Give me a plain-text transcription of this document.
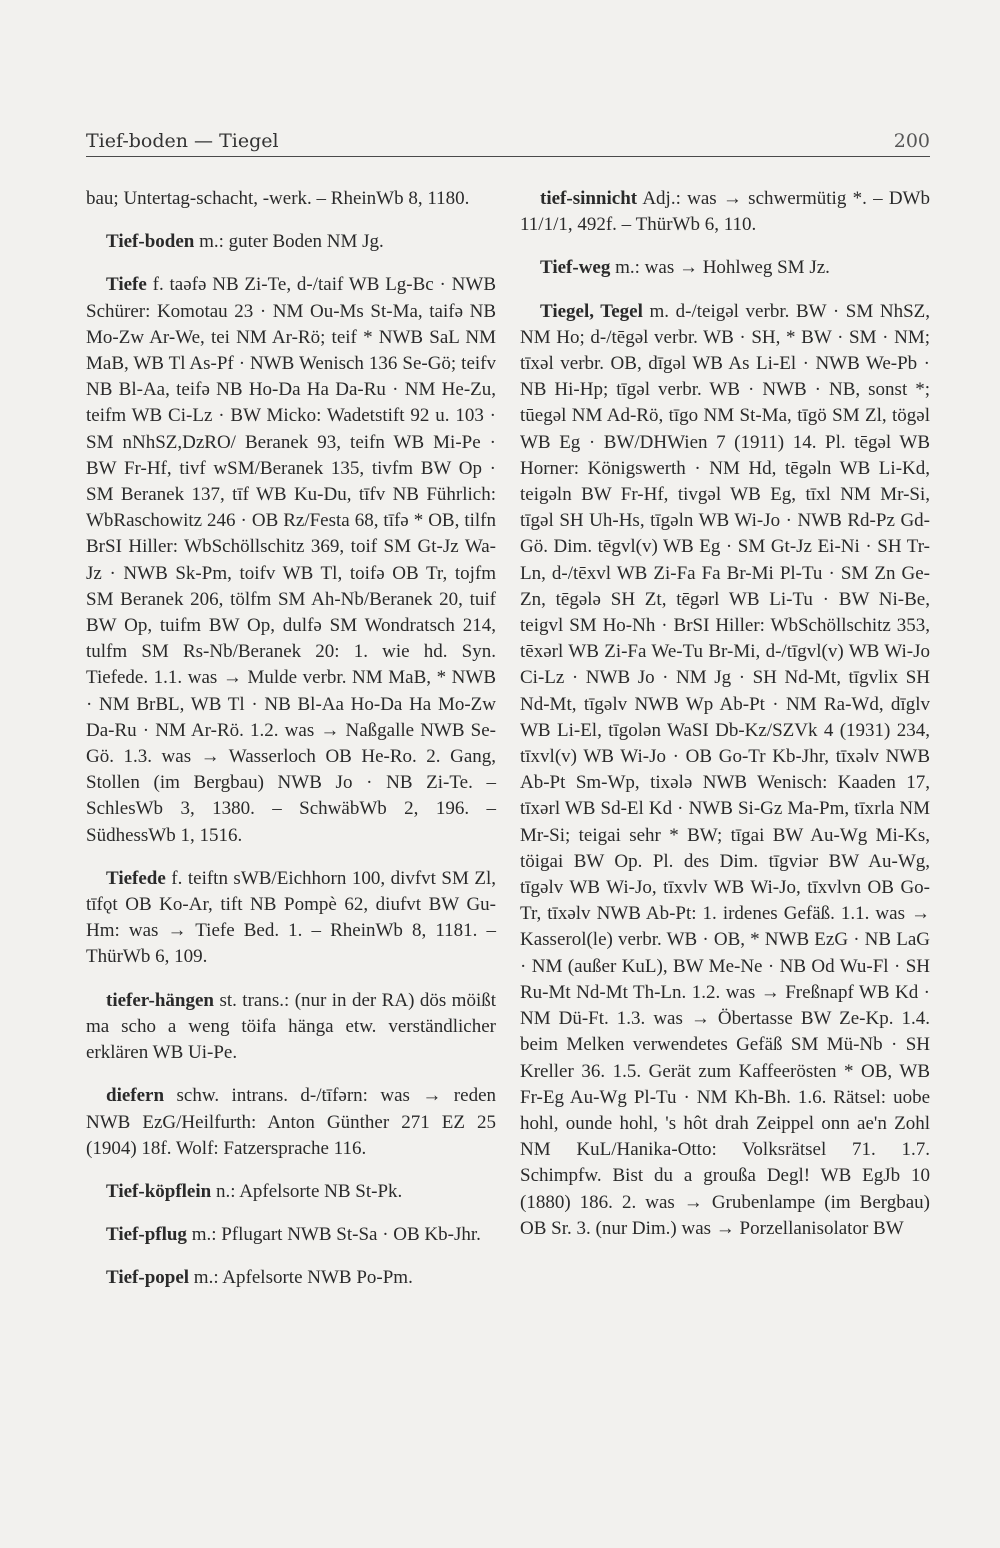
Tief-boden — Tiegel	200

bau; Untertag-schacht, -werk. – RheinWb 8, 1180.

Tief-boden m.: guter Boden NM Jg.

Tiefe f. taəfə NB Zi-Te, d-/taif WB Lg-Bc · NWB Schürer: Komotau 23 · NM Ou-Ms St-Ma, taifə NB Mo-Zw Ar-We, tei NM Ar-Rö; teif * NWB SaL NM MaB, WB Tl As-Pf · NWB Wenisch 136 Se-Gö; teifv NB Bl-Aa, teifə NB Ho-Da Ha Da-Ru · NM He-Zu, teifm WB Ci-Lz · BW Micko: Wadetstift 92 u. 103 · SM nNhSZ,DzRO/ Beranek 93, teifn WB Mi-Pe · BW Fr-Hf, tivf wSM/Beranek 135, tivfm BW Op · SM Beranek 137, tīf WB Ku-Du, tīfv NB Führlich: WbRaschowitz 246 · OB Rz/Festa 68, tīfə * OB, tilfn BrSI Hiller: WbSchöllschitz 369, toif SM Gt-Jz Wa-Jz · NWB Sk-Pm, toifv WB Tl, toifə OB Tr, tojfm SM Beranek 206, tölfm SM Ah-Nb/Beranek 20, tuif BW Op, tuifm BW Op, dulfə SM Wondratsch 214, tulfm SM Rs-Nb/Beranek 20: 1. wie hd. Syn. Tiefede. 1.1. was → Mulde verbr. NM MaB, * NWB · NM BrBL, WB Tl · NB Bl-Aa Ho-Da Ha Mo-Zw Da-Ru · NM Ar-Rö. 1.2. was → Naßgalle NWB Se-Gö. 1.3. was → Wasserloch OB He-Ro. 2. Gang, Stollen (im Bergbau) NWB Jo · NB Zi-Te. – SchlesWb 3, 1380. – SchwäbWb 2, 196. – SüdhessWb 1, 1516.

Tiefede f. teiftn sWB/Eichhorn 100, divfvt SM Zl, tīfǫt OB Ko-Ar, tift NB Pompè 62, diufvt BW Gu-Hm: was → Tiefe Bed. 1. – RheinWb 8, 1181. – ThürWb 6, 109.

tiefer-hängen st. trans.: (nur in der RA) dös möißt ma scho a weng töifa hänga etw. verständlicher erklären WB Ui-Pe.

diefern schw. intrans. d-/tīfərn: was → reden NWB EzG/Heilfurth: Anton Günther 271 EZ 25 (1904) 18f. Wolf: Fatzersprache 116.

Tief-köpflein n.: Apfelsorte NB St-Pk.

Tief-pflug m.: Pflugart NWB St-Sa · OB Kb-Jhr.

Tief-popel m.: Apfelsorte NWB Po-Pm.

tief-sinnicht Adj.: was → schwermütig *. – DWb 11/1/1, 492f. – ThürWb 6, 110.

Tief-weg m.: was → Hohlweg SM Jz.

Tiegel, Tegel m. d-/teigəl verbr. BW · SM NhSZ, NM Ho; d-/tēgəl verbr. WB · SH, * BW · SM · NM; tīxəl verbr. OB, dīgəl WB As Li-El · NWB We-Pb · NB Hi-Hp; tīgəl verbr. WB · NWB · NB, sonst *; tūegəl NM Ad-Rö, tīgo NM St-Ma, tīgö SM Zl, tögəl WB Eg · BW/DHWien 7 (1911) 14. Pl. tēgəl WB Horner: Königswerth · NM Hd, tēgəln WB Li-Kd, teigəln BW Fr-Hf, tivgəl WB Eg, tīxl NM Mr-Si, tīgəl SH Uh-Hs, tīgəln WB Wi-Jo · NWB Rd-Pz Gd-Gö. Dim. tēgvl(v) WB Eg · SM Gt-Jz Ei-Ni · SH Tr-Ln, d-/tēxvl WB Zi-Fa Fa Br-Mi Pl-Tu · SM Zn Ge-Zn, tēgələ SH Zt, tēgərl WB Li-Tu · BW Ni-Be, teigvl SM Ho-Nh · BrSI Hiller: WbSchöllschitz 353, tēxərl WB Zi-Fa We-Tu Br-Mi, d-/tīgvl(v) WB Wi-Jo Ci-Lz · NWB Jo · NM Jg · SH Nd-Mt, tīgvlix SH Nd-Mt, tīgəlv NWB Wp Ab-Pt · NM Ra-Wd, dīglv WB Li-El, tīgolən WaSI Db-Kz/SZVk 4 (1931) 234, tīxvl(v) WB Wi-Jo · OB Go-Tr Kb-Jhr, tīxəlv NWB Ab-Pt Sm-Wp, tixələ NWB Wenisch: Kaaden 17, tīxərl WB Sd-El Kd · NWB Si-Gz Ma-Pm, tīxrla NM Mr-Si; teigai sehr * BW; tīgai BW Au-Wg Mi-Ks, töigai BW Op. Pl. des Dim. tīgviər BW Au-Wg, tīgəlv WB Wi-Jo, tīxvlv WB Wi-Jo, tīxvlvn OB Go-Tr, tīxəlv NWB Ab-Pt: 1. irdenes Gefäß. 1.1. was → Kasserol(le) verbr. WB · OB, * NWB EzG · NB LaG · NM (außer KuL), BW Me-Ne · NB Od Wu-Fl · SH Ru-Mt Nd-Mt Th-Ln. 1.2. was → Freßnapf WB Kd · NM Dü-Ft. 1.3. was → Öbertasse BW Ze-Kp. 1.4. beim Melken verwendetes Gefäß SM Mü-Nb · SH Kreller 36. 1.5. Gerät zum Kaffeerösten * OB, WB Fr-Eg Au-Wg Pl-Tu · NM Kh-Bh. 1.6. Rätsel: uobe hohl, ounde hohl, 's hôt drah Zeippel onn ae'n Zohl NM KuL/Hanika-Otto: Volksrätsel 71. 1.7. Schimpfw. Bist du a groußa Degl! WB EgJb 10 (1880) 186. 2. was → Grubenlampe (im Bergbau) OB Sr. 3. (nur Dim.) was → Porzellanisolator BW
